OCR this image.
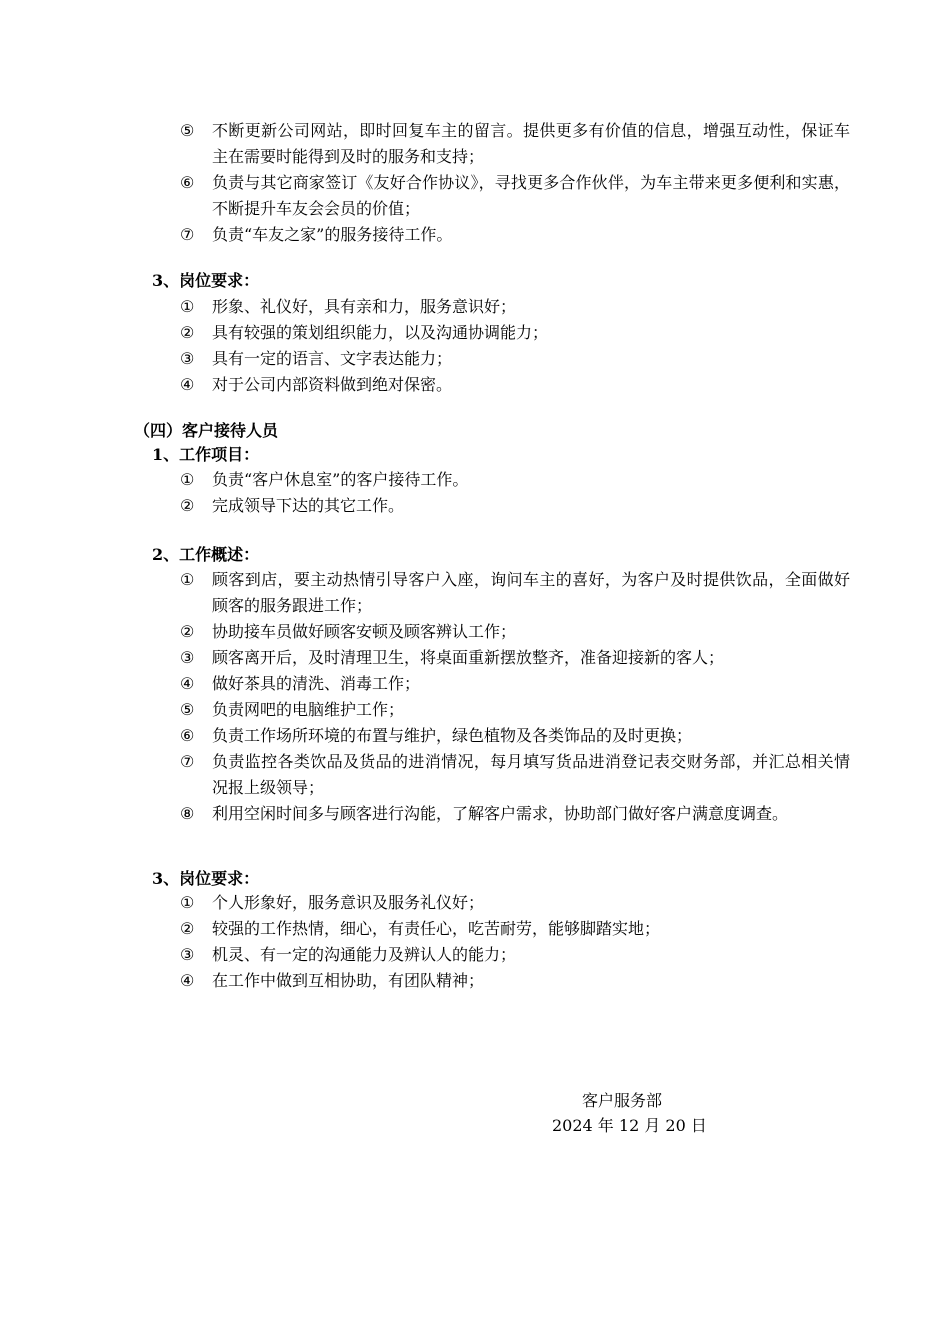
⑤	不断更新公司网站，即时回复车主的留言。提供更多有价值的信息，增强互动性，保证车主在需要时能得到及时的服务和支持；
⑥	负责与其它商家签订《友好合作协议》，寻找更多合作伙伴，为车主带来更多便利和实惠，不断提升车友会会员的价值；
⑦	负责“车友之家”的服务接待工作。
3、岗位要求：
①	形象、礼仪好，具有亲和力，服务意识好；
②	具有较强的策划组织能力，以及沟通协调能力；
③	具有一定的语言、文字表达能力；
④	对于公司内部资料做到绝对保密。
（四）客户接待人员
1、工作项目：
①	负责“客户休息室”的客户接待工作。
②	完成领导下达的其它工作。
2、工作概述：
①	顾客到店，要主动热情引导客户入座，询问车主的喜好，为客户及时提供饮品，全面做好顾客的服务跟进工作；
②	协助接车员做好顾客安顿及顾客辨认工作；
③	顾客离开后，及时清理卫生，将桌面重新摆放整齐，准备迎接新的客人；
④	做好茶具的清洗、消毒工作；
⑤	负责网吧的电脑维护工作；
⑥	负责工作场所环境的布置与维护，绿色植物及各类饰品的及时更换；
⑦	负责监控各类饮品及货品的进消情况，每月填写货品进消登记表交财务部，并汇总相关情况报上级领导；
⑧	利用空闲时间多与顾客进行沟能，了解客户需求，协助部门做好客户满意度调查。
3、岗位要求：
①	个人形象好，服务意识及服务礼仪好；
②	较强的工作热情，细心，有责任心，吃苦耐劳，能够脚踏实地；
③	机灵、有一定的沟通能力及辨认人的能力；
④	在工作中做到互相协助，有团队精神；
客户服务部
2024 年 12 月 20 日
